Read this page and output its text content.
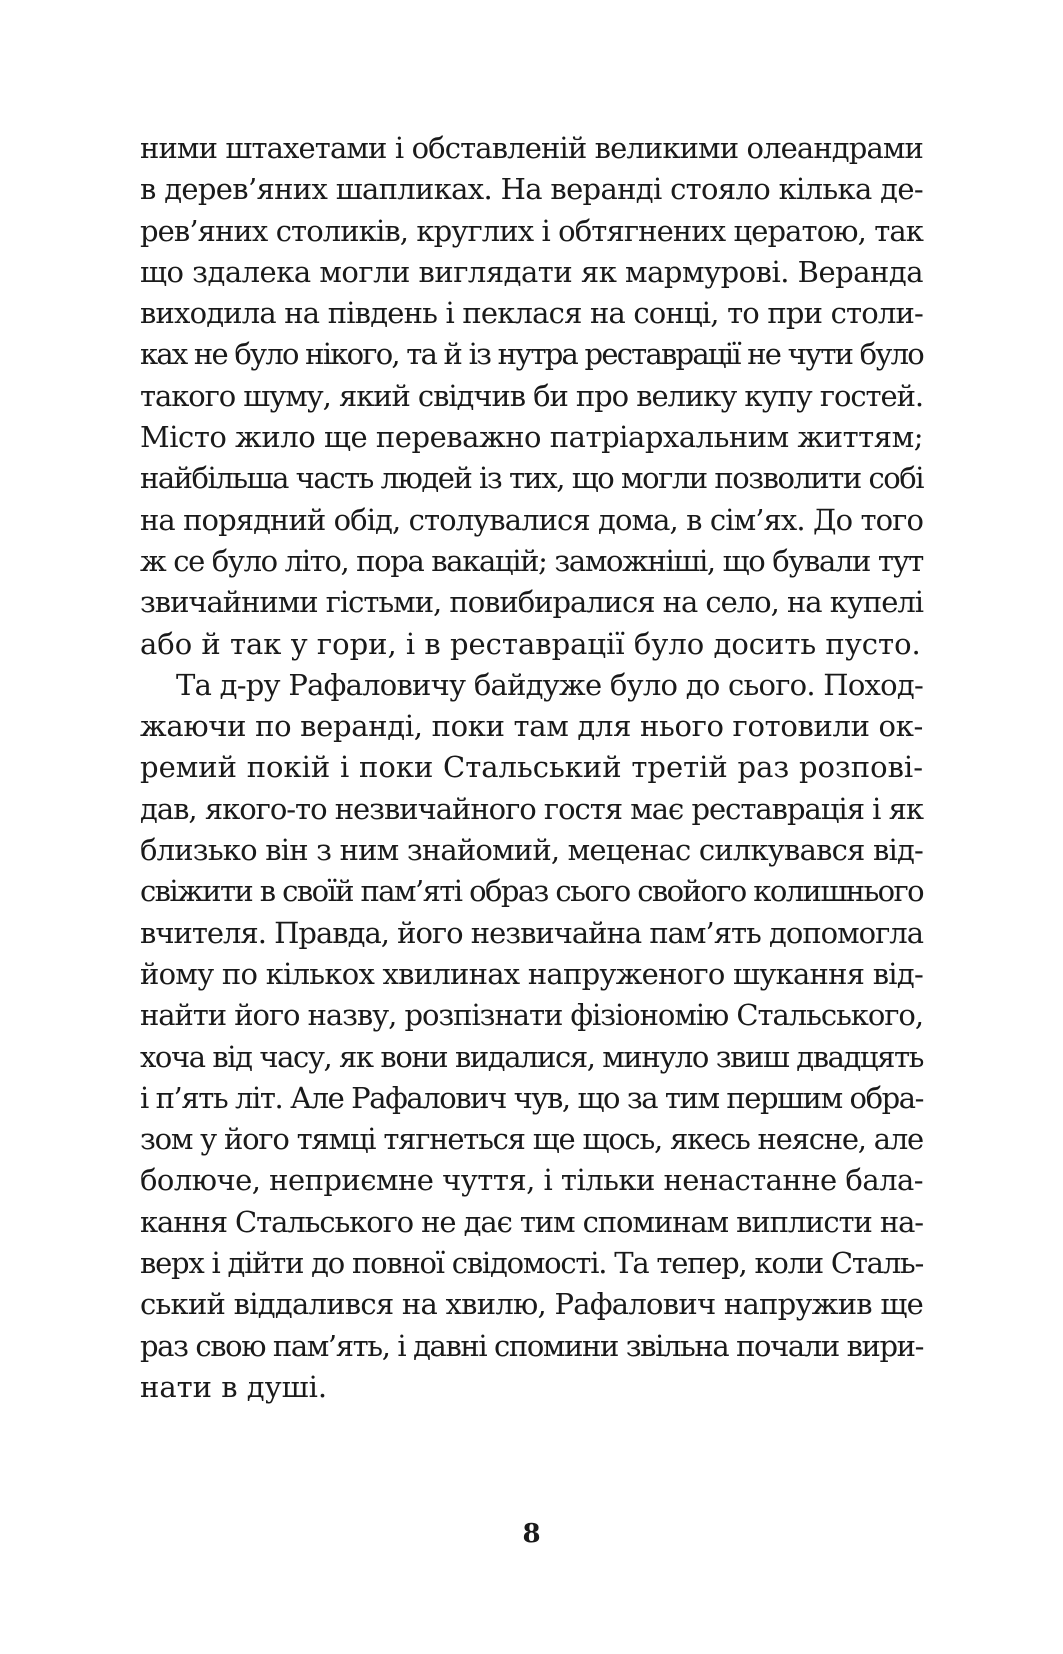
ними штахетами і обставленій великими олеандрами
в дерев’яних шапликах. На веранді стояло кілька де-
рев’яних столиків, круглих і обтягнених цератою, так
що здалека могли виглядати як мармурові. Веранда
виходила на південь і пеклася на сонці, то при столи-
ках не було нікого, та й із нутра реставрації не чути було
такого шуму, який свідчив би про велику купу гостей.
Місто жило ще переважно патріархальним життям;
найбільша часть людей із тих, що могли позволити собі
на порядний обід, столувалися дома, в сім’ях. До того
ж се було літо, пора вакацій; заможніші, що бували тут
звичайними гістьми, повибиралися на село, на купелі
або й так у гори, і в реставрації було досить пусто.

Та д-ру Рафаловичу байдуже було до сього. Поход-
жаючи по веранді, поки там для нього готовили ок-
ремий покій і поки Стальський третій раз розпові-
дав, якого-то незвичайного гостя має реставрація і як
близько він з ним знайомий, меценас силкувався від-
свіжити в своїй пам’яті образ сього свойого колишнього
вчителя. Правда, його незвичайна пам’ять допомогла
йому по кількох хвилинах напруженого шукання від-
найти його назву, розпізнати фізіономію Стальського,
хоча від часу, як вони видалися, минуло звиш двадцять
і п’ять літ. Але Рафалович чув, що за тим першим обра-
зом у його тямці тягнеться ще щось, якесь неясне, але
болюче, неприємне чуття, і тільки ненастанне бала-
кання Стальського не дає тим споминам виплисти на-
верх і дійти до повної свідомості. Та тепер, коли Сталь-
ський віддалився на хвилю, Рафалович напружив ще
раз свою пам’ять, і давні спомини звільна почали вири-
нати в душі.

8
